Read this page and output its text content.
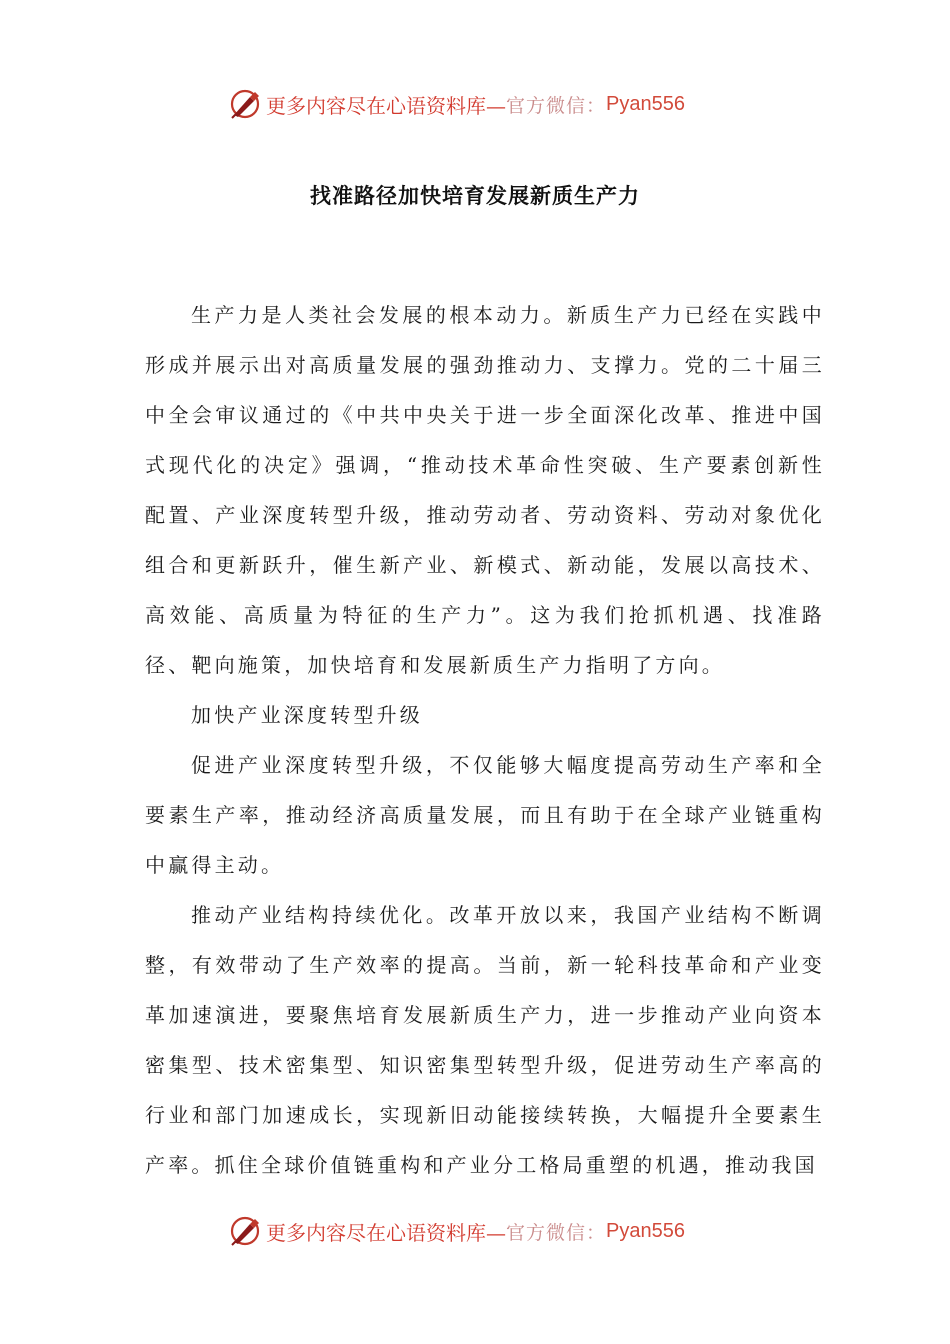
更多内容尽在心语资料库— 官方微信： Pyan556
找准路径加快培育发展新质生产力

生产力是人类社会发展的根本动力。新质生产力已经在实践中形成并展示出对高质量发展的强劲推动力、支撑力。党的二十届三中全会审议通过的《中共中央关于进一步全面深化改革、推进中国式现代化的决定》强调，“推动技术革命性突破、生产要素创新性配置、产业深度转型升级，推动劳动者、劳动资料、劳动对象优化组合和更新跃升，催生新产业、新模式、新动能，发展以高技术、高效能、高质量为特征的生产力”。这为我们抢抓机遇、找准路径、靶向施策，加快培育和发展新质生产力指明了方向。

加快产业深度转型升级

促进产业深度转型升级，不仅能够大幅度提高劳动生产率和全要素生产率，推动经济高质量发展，而且有助于在全球产业链重构中赢得主动。

推动产业结构持续优化。改革开放以来，我国产业结构不断调整，有效带动了生产效率的提高。当前，新一轮科技革命和产业变革加速演进，要聚焦培育发展新质生产力，进一步推动产业向资本密集型、技术密集型、知识密集型转型升级，促进劳动生产率高的行业和部门加速成长，实现新旧动能接续转换，大幅提升全要素生产率。抓住全球价值链重构和产业分工格局重塑的机遇，推动我国

更多内容尽在心语资料库— 官方微信： Pyan556
